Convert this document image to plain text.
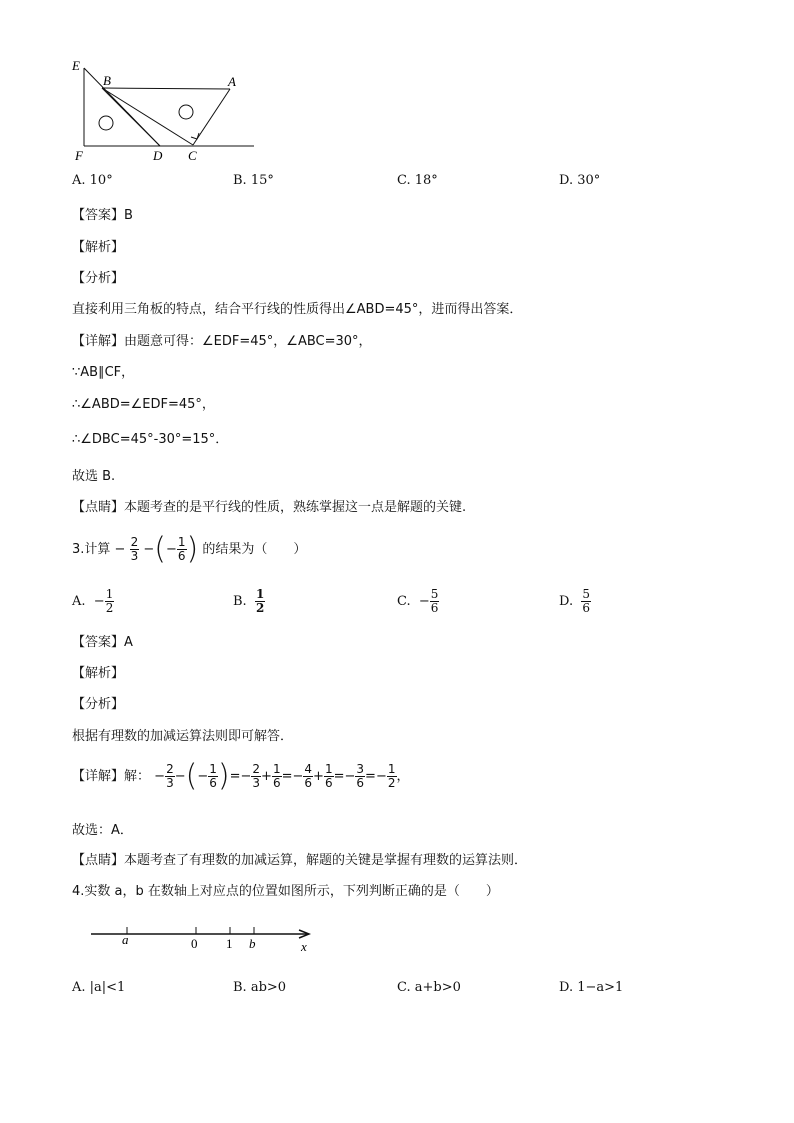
E
B	A
F	D C
A. 10°	B. 15°	C. 18°	D. 30°
【答案】B
【解析】
【分析】
直接利用三角板的特点，结合平行线的性质得出∠ABD=45°，进而得出答案．
【详解】由题意可得：∠EDF=45°，∠ABC=30°，
∵AB∥CF，
∴∠ABD=∠EDF=45°，
∴∠DBC=45°-30°=15°．
故选 B.
【点睛】本题考查的是平行线的性质，熟练掌握这一点是解题的关键.
3.计算 − $\frac{2}{3}$ −(− $\frac{1}{6}$ ) 的结果为（　　）
A. − $\frac{1}{2}$	B. $\frac{1}{2}$	C. − $\frac{5}{6}$	D. $\frac{5}{6}$
【答案】A
【解析】
【分析】
根据有理数的加减运算法则即可解答．
【详解】解： − $\frac{2}{3}$ −(− $\frac{1}{6}$ )=− $\frac{2}{3} + \frac{1}{6} =- \frac{4}{6} + \frac{1}{6} =- \frac{3}{6} =- \frac{1}{2}$ ，
故选：A．
【点睛】本题考查了有理数的加减运算，解题的关键是掌握有理数的运算法则．
4.实数 a，b 在数轴上对应点的位置如图所示，下列判断正确的是（　　）
a	0 1 b	x
A. |a|<1	B. ab>0	C. a+b>0	D. 1−a>1
